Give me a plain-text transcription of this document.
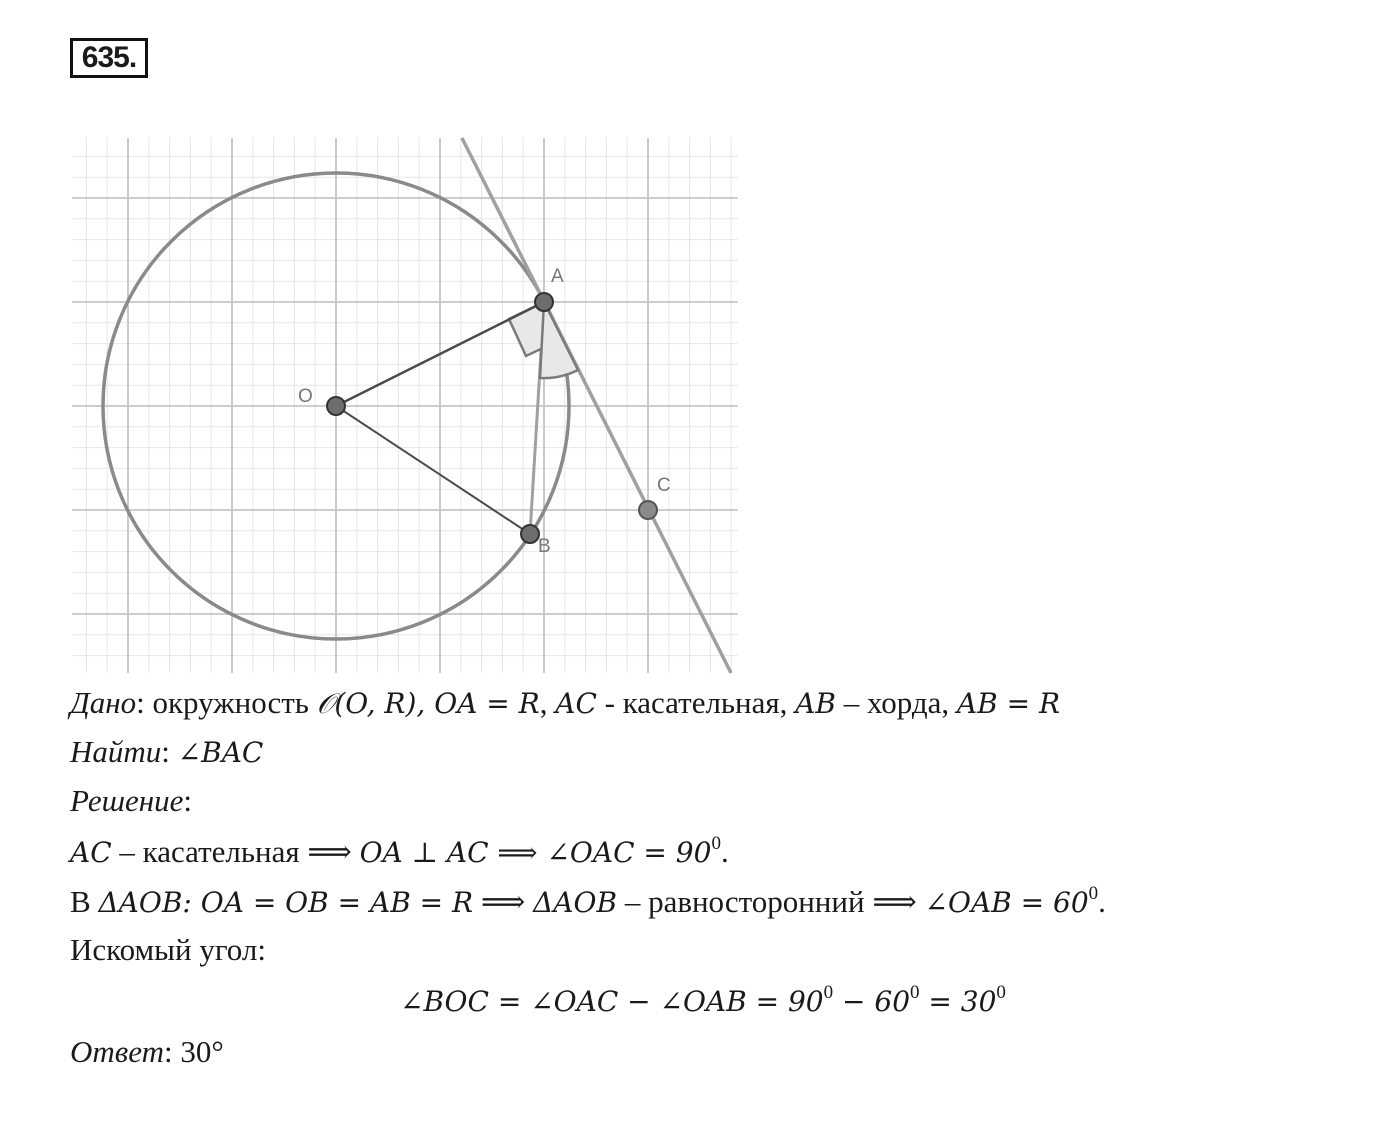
635.
O
A
B
C
Дано: окружность 𝒪(O, R), OA = R, AC - касательная, AB – хорда, AB = R
Найти: ∠BAC
Решение:
AC – касательная ⟹ OA ⊥ AC ⟹ ∠OAC = $90^0$.
В ΔAOB: OA = OB = AB = R ⟹ ΔAOB – равносторонний ⟹ ∠OAB = $60^0$.
Искомый угол:
∠BOC = ∠OAC − ∠OAB = $90^0 - 60^0 = 30^0$
Ответ: 30°
